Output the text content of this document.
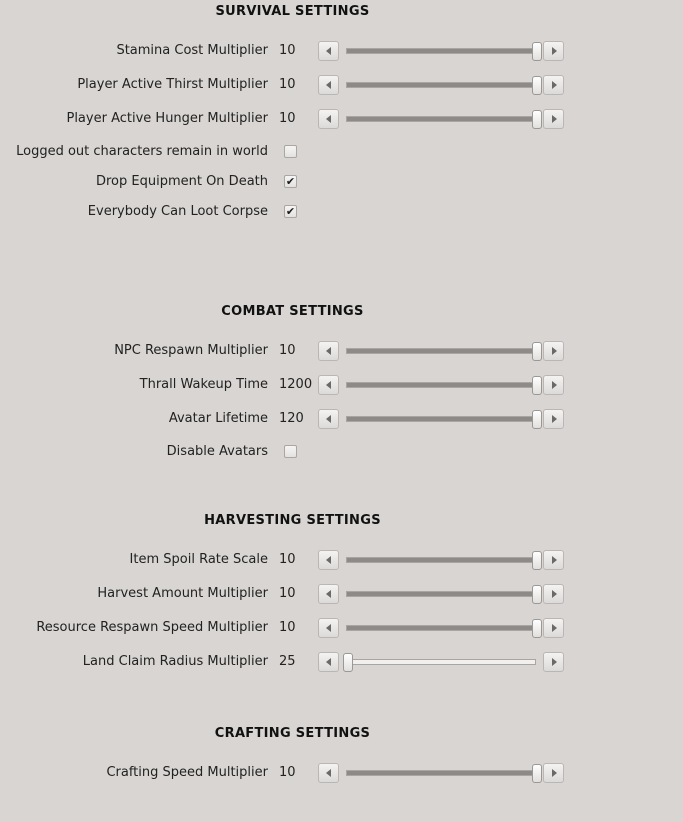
SURVIVAL SETTINGS
Stamina Cost Multiplier 10
Player Active Thirst Multiplier 10
Player Active Hunger Multiplier 10
Logged out characters remain in world
Drop Equipment On Death ✔
Everybody Can Loot Corpse ✔
COMBAT SETTINGS
NPC Respawn Multiplier 10
Thrall Wakeup Time 1200
Avatar Lifetime 120
Disable Avatars
HARVESTING SETTINGS
Item Spoil Rate Scale 10
Harvest Amount Multiplier 10
Resource Respawn Speed Multiplier 10
Land Claim Radius Multiplier 25
CRAFTING SETTINGS
Crafting Speed Multiplier 10
